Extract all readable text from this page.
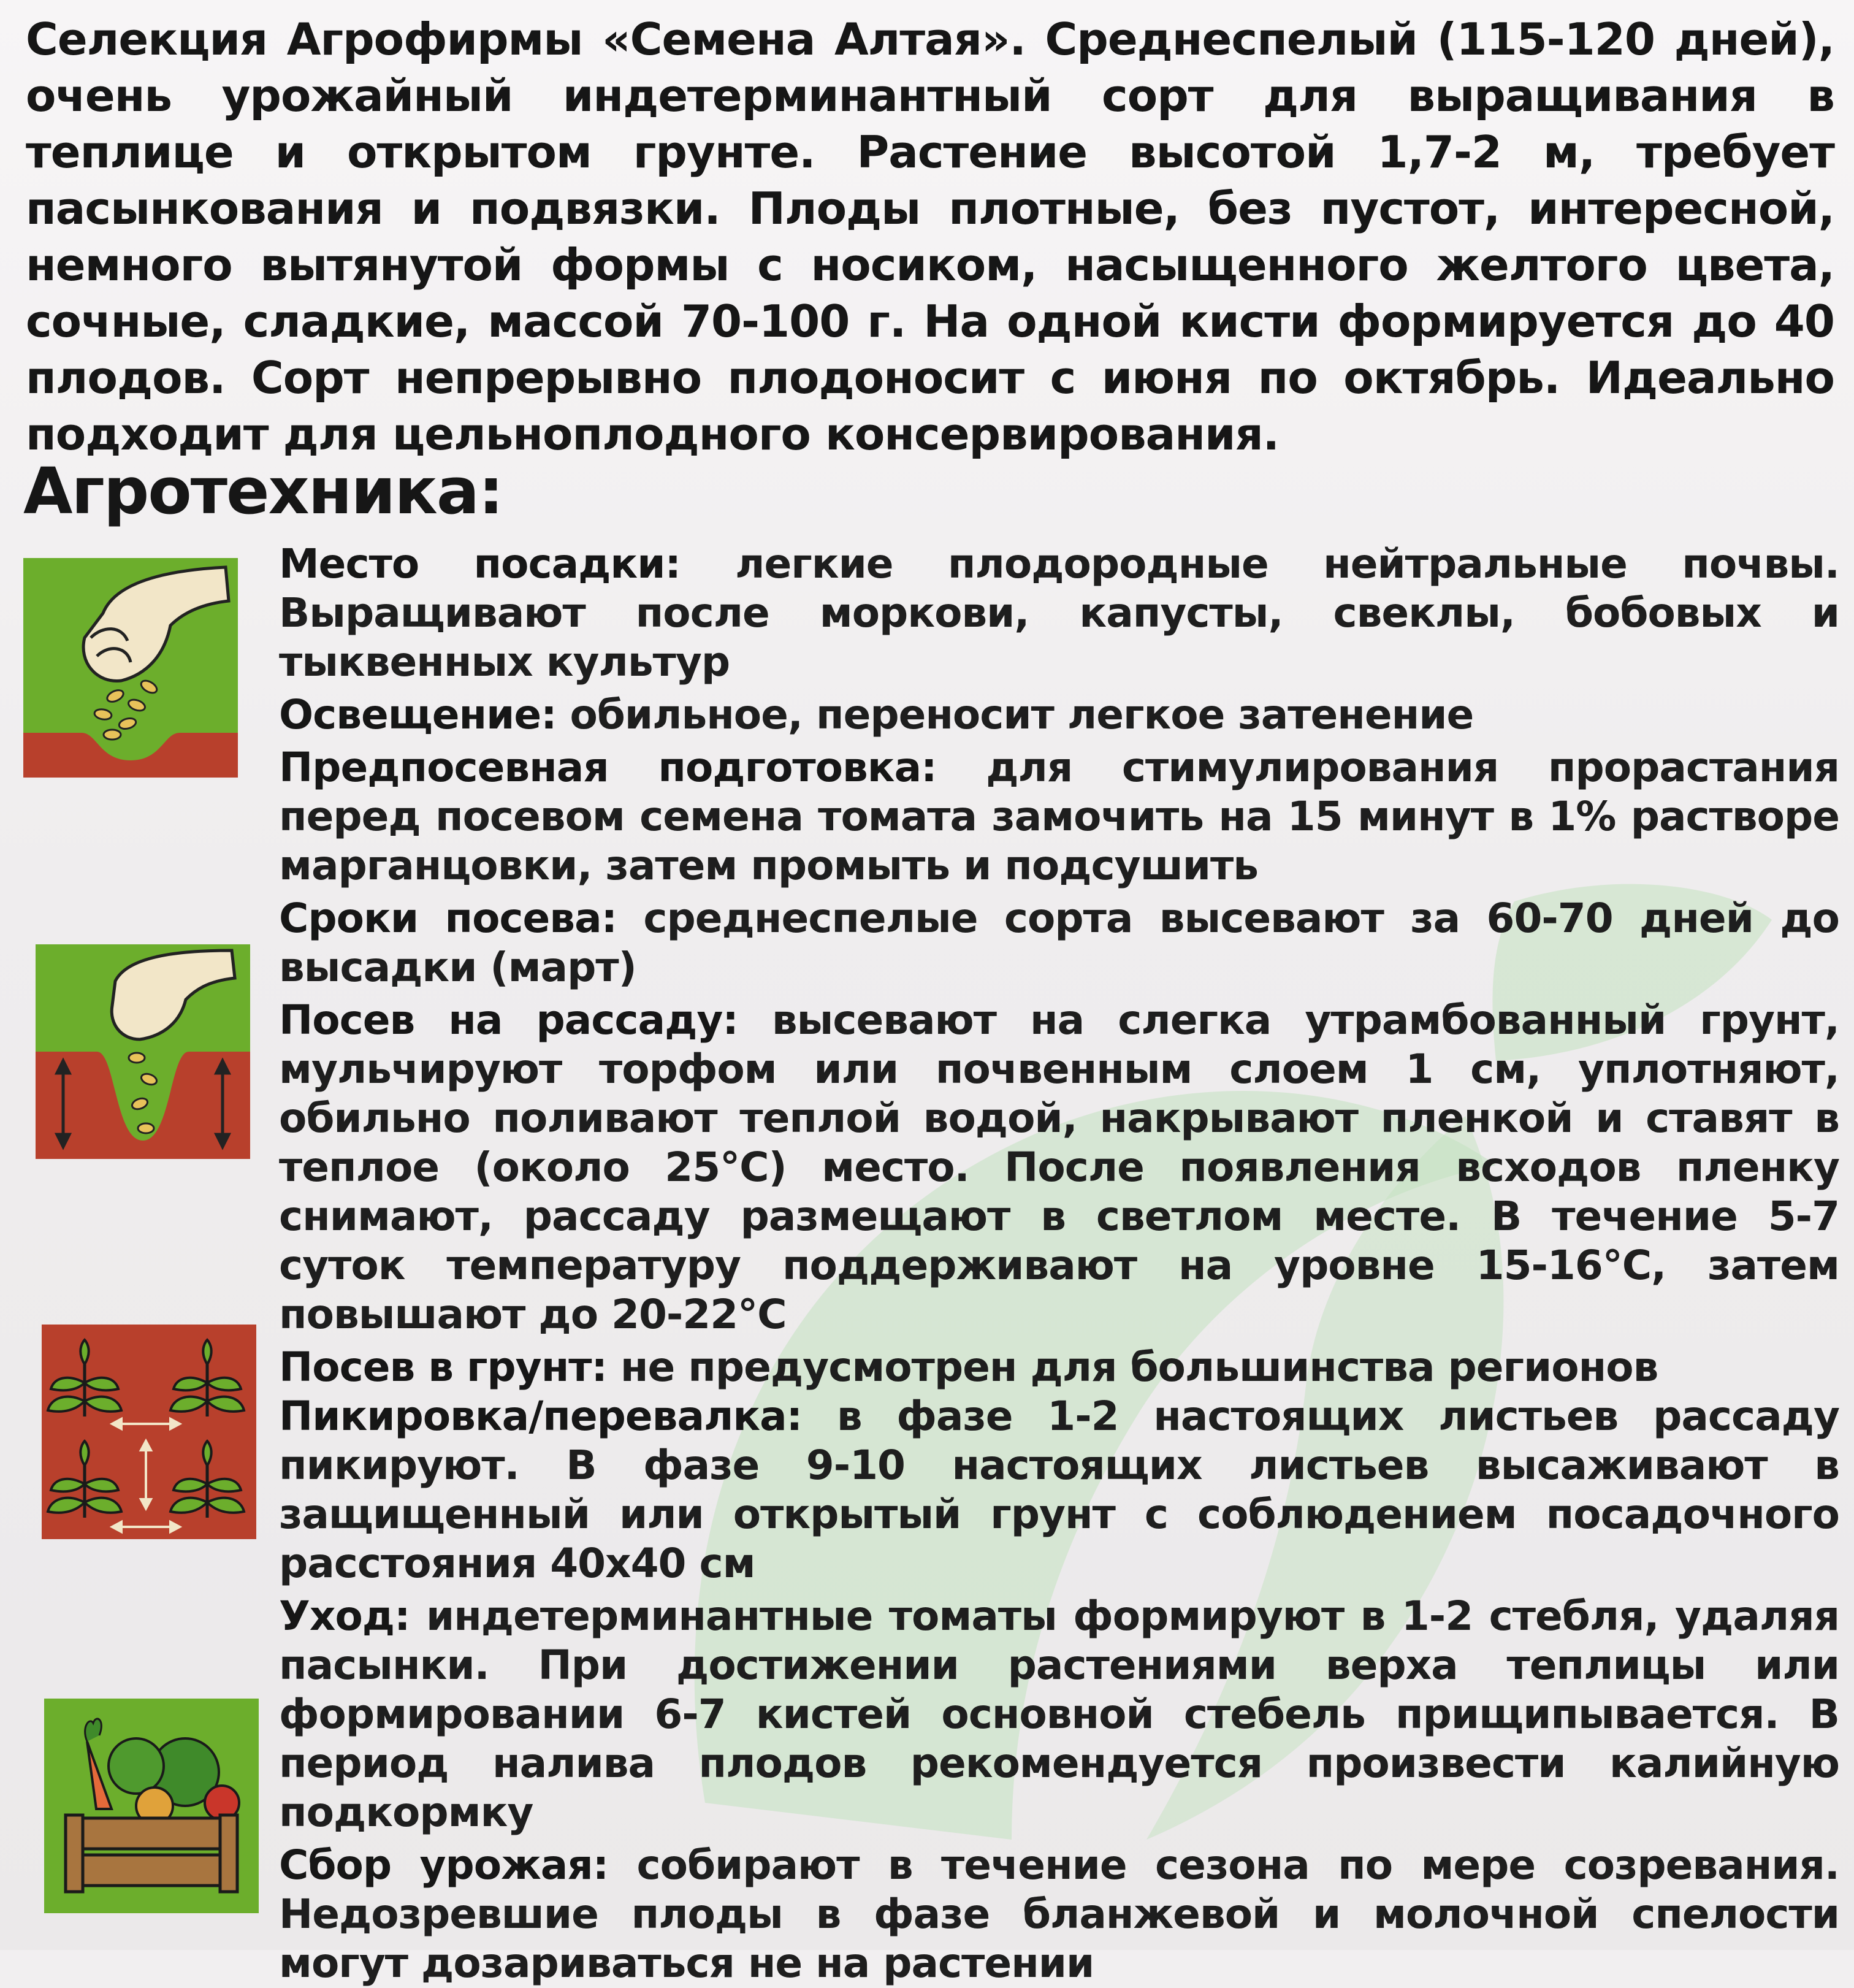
Селекция Агрофирмы «Семена Алтая». Среднеспелый (115-120 дней), очень урожайный индетерминантный сорт для выращивания в теплице и открытом грунте. Растение высотой 1,7-2 м, требует пасынкования и подвязки. Плоды плотные, без пустот, интересной, немного вытянутой формы с носиком, насыщенного желтого цвета, сочные, сладкие, массой 70-100 г. На одной кисти формируется до 40 плодов. Сорт непрерывно плодоносит с июня по октябрь. Идеально подходит для цельноплодного консервирования.

Агротехника:

Место посадки: легкие плодородные нейтральные почвы. Выращивают после моркови, капусты, свеклы, бобовых и тыквенных культур

Освещение: обильное, переносит легкое затенение

Предпосевная подготовка: для стимулирования прорастания перед посевом семена томата замочить на 15 минут в 1% растворе марганцовки, затем промыть и подсушить

Сроки посева: среднеспелые сорта высевают за 60-70 дней до высадки (март)

Посев на рассаду: высевают на слегка утрамбованный грунт, мульчируют торфом или почвенным слоем 1 см, уплотняют, обильно поливают теплой водой, накрывают пленкой и ставят в теплое (около 25°С) место. После появления всходов пленку снимают, рассаду размещают в светлом месте. В течение 5-7 суток температуру поддерживают на уровне 15-16°С, затем повышают до 20-22°С

Посев в грунт: не предусмотрен для большинства регионов

Пикировка/перевалка: в фазе 1-2 настоящих листьев рассаду пикируют. В фазе 9-10 настоящих листьев высаживают в защищенный или открытый грунт с соблюдением посадочного расстояния 40х40 см

Уход: индетерминантные томаты формируют в 1-2 стебля, удаляя пасынки. При достижении растениями верха теплицы или формировании 6-7 кистей основной стебель прищипывается. В период налива плодов рекомендуется произвести калийную подкормку

Сбор урожая: собирают в течение сезона по мере созревания. Недозревшие плоды в фазе бланжевой и молочной спелости могут дозариваться не на растении
